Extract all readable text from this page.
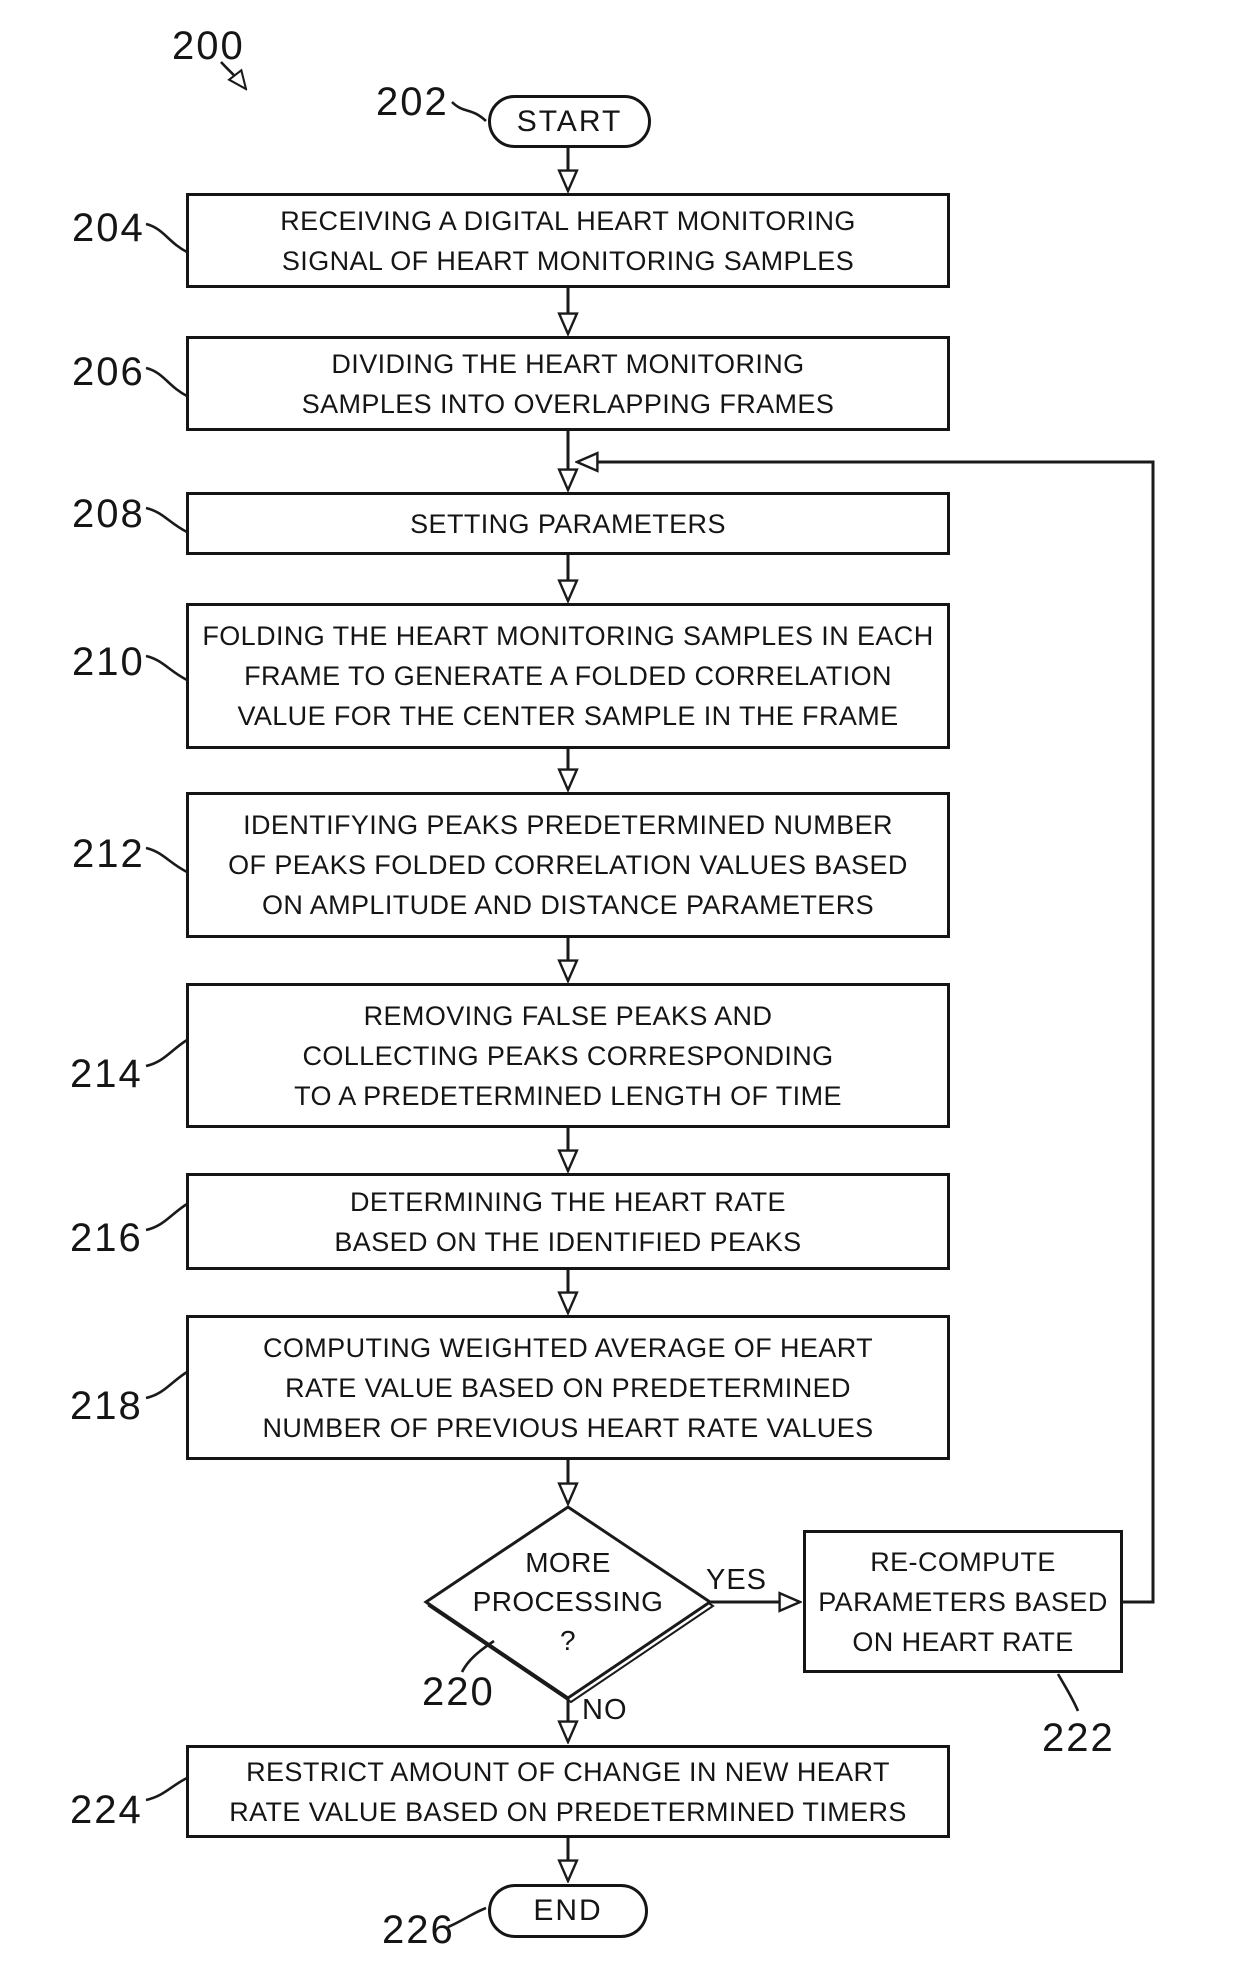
START
END
RECEIVING A DIGITAL HEART MONITORING
SIGNAL OF HEART MONITORING SAMPLES
DIVIDING THE HEART MONITORING
SAMPLES INTO OVERLAPPING FRAMES
SETTING PARAMETERS
FOLDING THE HEART MONITORING SAMPLES IN EACH
FRAME TO GENERATE A FOLDED CORRELATION
VALUE FOR THE CENTER SAMPLE IN THE FRAME
IDENTIFYING PEAKS PREDETERMINED NUMBER
OF PEAKS FOLDED CORRELATION VALUES BASED
ON AMPLITUDE AND DISTANCE PARAMETERS
REMOVING FALSE PEAKS AND
COLLECTING PEAKS CORRESPONDING
TO A PREDETERMINED LENGTH OF TIME
DETERMINING THE HEART RATE
BASED ON THE IDENTIFIED PEAKS
COMPUTING WEIGHTED AVERAGE OF HEART
RATE VALUE BASED ON PREDETERMINED
NUMBER OF PREVIOUS HEART RATE VALUES
RE-COMPUTE
PARAMETERS BASED
ON HEART RATE
RESTRICT AMOUNT OF CHANGE IN NEW HEART
RATE VALUE BASED ON PREDETERMINED TIMERS
MORE
PROCESSING
?
YES
NO
200
202
204
206
208
210
212
214
216
218
220
222
224
226
